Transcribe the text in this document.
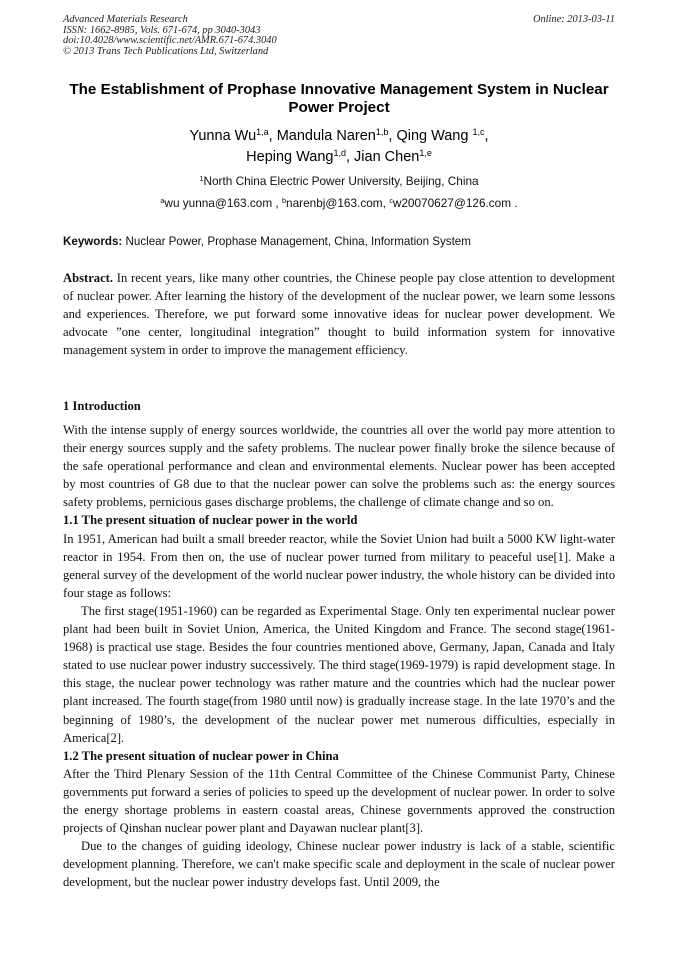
Advanced Materials Research
ISSN: 1662-8985, Vols. 671-674, pp 3040-3043
doi:10.4028/www.scientific.net/AMR.671-674.3040
© 2013 Trans Tech Publications Ltd, Switzerland
Online: 2013-03-11
The Establishment of Prophase Innovative Management System in Nuclear Power Project
Yunna Wu$^{1,a}$, Mandula Naren$^{1,b}$, Qing Wang $^{1,c}$,
Heping Wang$^{1,d}$, Jian Chen$^{1,e}$
$^1$North China Electric Power University, Beijing, China
$^a$wu yunna@163.com , $^b$narenbj@163.com, $^c$w20070627@126.com .
Keywords: Nuclear Power, Prophase Management, China, Information System
Abstract. In recent years, like many other countries, the Chinese people pay close attention to development of nuclear power. After learning the history of the development of the nuclear power, we learn some lessons and experiences. Therefore, we put forward some innovative ideas for nuclear power development. We advocate ”one center, longitudinal integration” thought to build information system for innovative management system in order to improve the management efficiency.
1 Introduction

With the intense supply of energy sources worldwide, the countries all over the world pay more attention to their energy sources supply and the safety problems. The nuclear power finally broke the silence because of the safe operational performance and clean and environmental elements. Nuclear power has been accepted by most countries of G8 due to that the nuclear power can solve the problems such as: the energy sources safety problems, pernicious gases discharge problems, the challenge of climate change and so on.

1.1 The present situation of nuclear power in the world

In 1951, American had built a small breeder reactor, while the Soviet Union had built a 5000 KW light-water reactor in 1954. From then on, the use of nuclear power turned from military to peaceful use[1]. Make a general survey of the development of the world nuclear power industry, the whole history can be divided into four stage as follows:

The first stage(1951-1960) can be regarded as Experimental Stage. Only ten experimental nuclear power plant had been built in Soviet Union, America, the United Kingdom and France. The second stage(1961-1968) is practical use stage. Besides the four countries mentioned above, Germany, Japan, Canada and Italy stated to use nuclear power industry successively. The third stage(1969-1979) is rapid development stage. In this stage, the nuclear power technology was rather mature and the countries which had the nuclear power plant increased. The fourth stage(from 1980 until now) is gradually increase stage. In the late 1970’s and the beginning of 1980’s, the development of the nuclear power met numerous difficulties, especially in America[2].

1.2 The present situation of nuclear power in China

After the Third Plenary Session of the 11th Central Committee of the Chinese Communist Party, Chinese governments put forward a series of policies to speed up the development of nuclear power. In order to solve the energy shortage problems in eastern coastal areas, Chinese governments approved the construction projects of Qinshan nuclear power plant and Dayawan nuclear plant[3].

Due to the changes of guiding ideology, Chinese nuclear power industry is lack of a stable, scientific development planning. Therefore, we can't make specific scale and deployment in the scale of nuclear power development, but the nuclear power industry develops fast. Until 2009, the
